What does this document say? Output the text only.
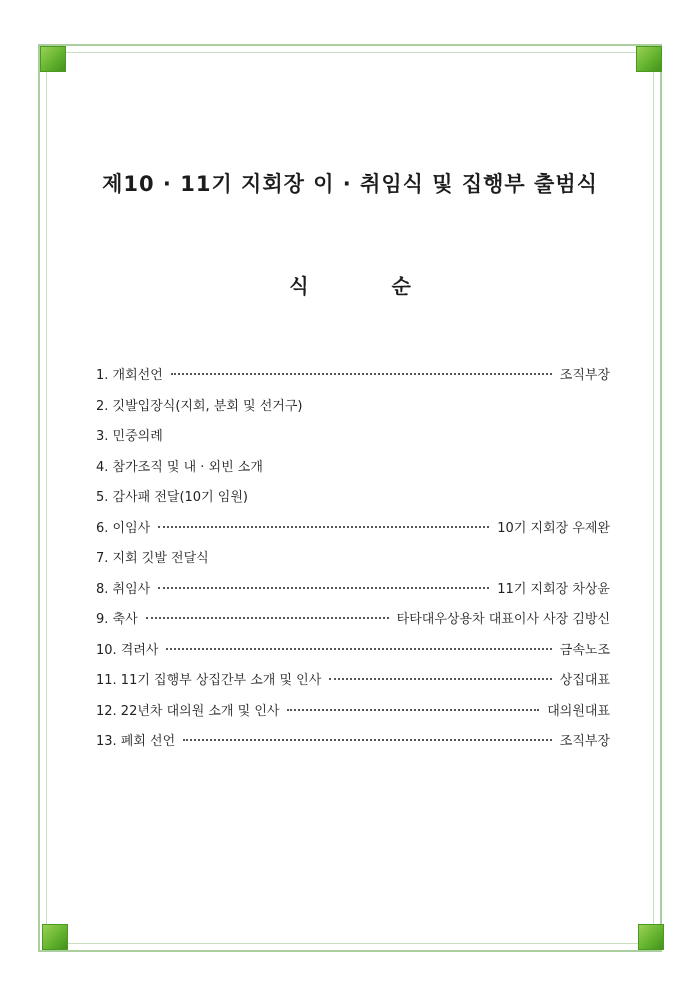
제10 · 11기 지회장 이 · 취임식 및 집행부 출범식
식 순
1. 개회선언	조직부장
2. 깃발입장식(지회, 분회 및 선거구)
3. 민중의례
4. 참가조직 및 내 · 외빈 소개
5. 감사패 전달(10기 임원)
6. 이임사	10기 지회장 우제완
7. 지회 깃발 전달식
8. 취임사	11기 지회장 차상윤
9. 축사	타타대우상용차 대표이사 사장 김방신
10. 격려사	금속노조
11. 11기 집행부 상집간부 소개 및 인사	상집대표
12. 22년차 대의원 소개 및 인사	대의원대표
13. 폐회 선언	조직부장
